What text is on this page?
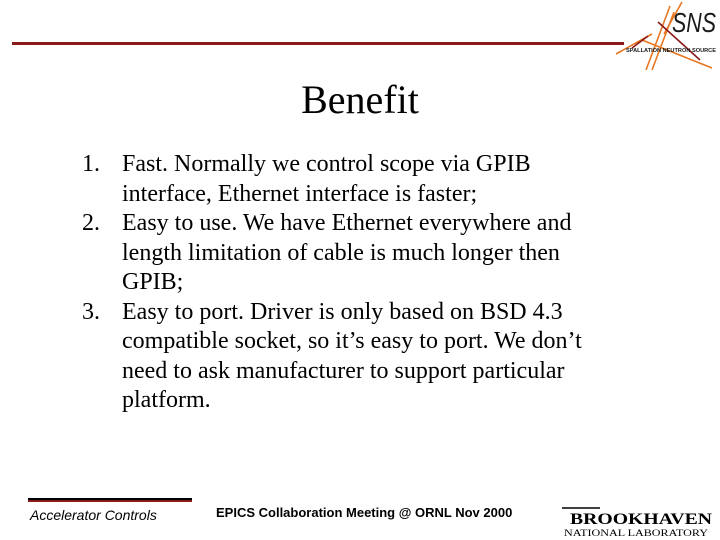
SNS
SPALLATION NEUTRON SOURCE
Benefit
1. Fast. Normally we control scope via GPIB
interface, Ethernet interface is faster;
2. Easy to use. We have Ethernet everywhere and
length limitation of cable is much longer then
GPIB;
3. Easy to port. Driver is only based on BSD 4.3
compatible socket, so it’s easy to port. We don’t
need to ask manufacturer to support particular
platform.
Accelerator Controls	EPICS Collaboration Meeting @ ORNL Nov 2000	BROOKHAVEN
NATIONAL LABORATORY
